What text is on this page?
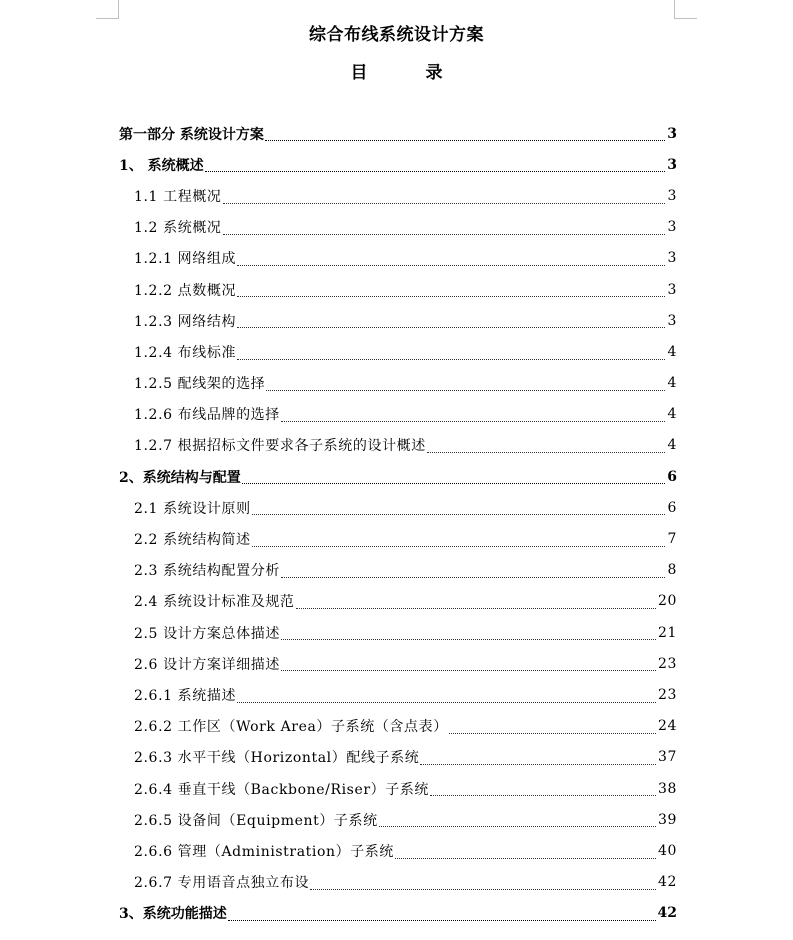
综合布线系统设计方案
目 录
第一部分 系统设计方案	3
1、 系统概述	3
1.1 工程概况	3
1.2 系统概况	3
1.2.1 网络组成	3
1.2.2 点数概况	3
1.2.3 网络结构	3
1.2.4 布线标准	4
1.2.5 配线架的选择	4
1.2.6 布线品牌的选择	4
1.2.7 根据招标文件要求各子系统的设计概述	4
2、系统结构与配置	6
2.1 系统设计原则	6
2.2 系统结构简述	7
2.3 系统结构配置分析	8
2.4 系统设计标准及规范	20
2.5 设计方案总体描述	21
2.6 设计方案详细描述	23
2.6.1 系统描述	23
2.6.2 工作区（Work Area）子系统（含点表）	24
2.6.3 水平干线（Horizontal）配线子系统	37
2.6.4 垂直干线（Backbone/Riser）子系统	38
2.6.5 设备间（Equipment）子系统	39
2.6.6 管理（Administration）子系统	40
2.6.7 专用语音点独立布设	42
3、系统功能描述	42
